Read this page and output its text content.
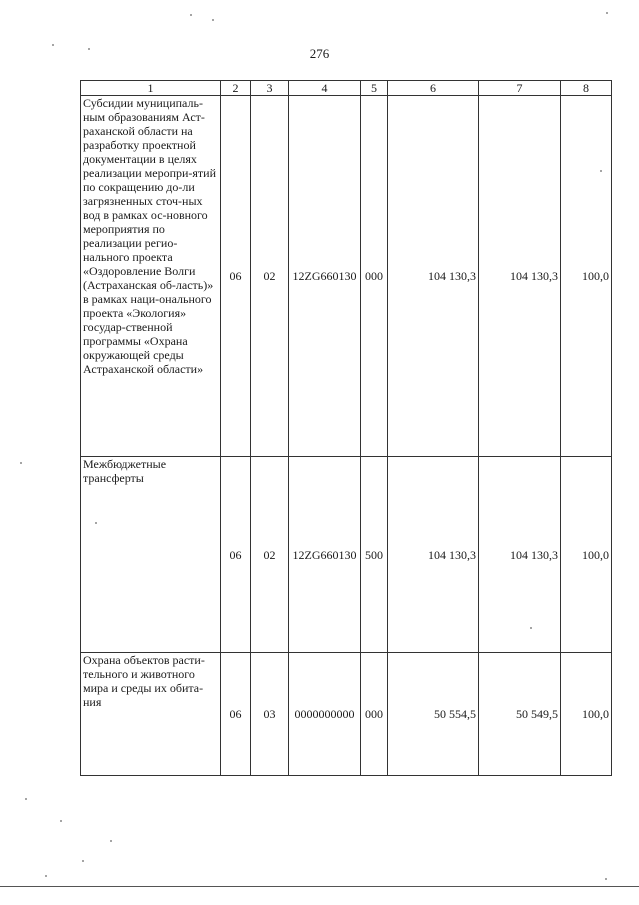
276
1	2	3	4	5	6	7	8
Субсидии муниципаль-ным образованиям Аст-раханской области на разработку проектной документации в целях реализации меропри-ятий по сокращению до-ли загрязненных сточ-ных вод в рамках ос-новного мероприятия по реализации регио-нального проекта «Оздоровление Волги (Астраханская об-ласть)» в рамках наци-онального проекта «Экология» государ-ственной программы «Охрана окружающей среды Астраханской области»	06	02	12ZG660130	000	104 130,3	104 130,3	100,0
Межбюджетные трансферты	06	02	12ZG660130	500	104 130,3	104 130,3	100,0
Охрана объектов расти-тельного и животного мира и среды их обита-ния	06	03	0000000000	000	50 554,5	50 549,5	100,0
